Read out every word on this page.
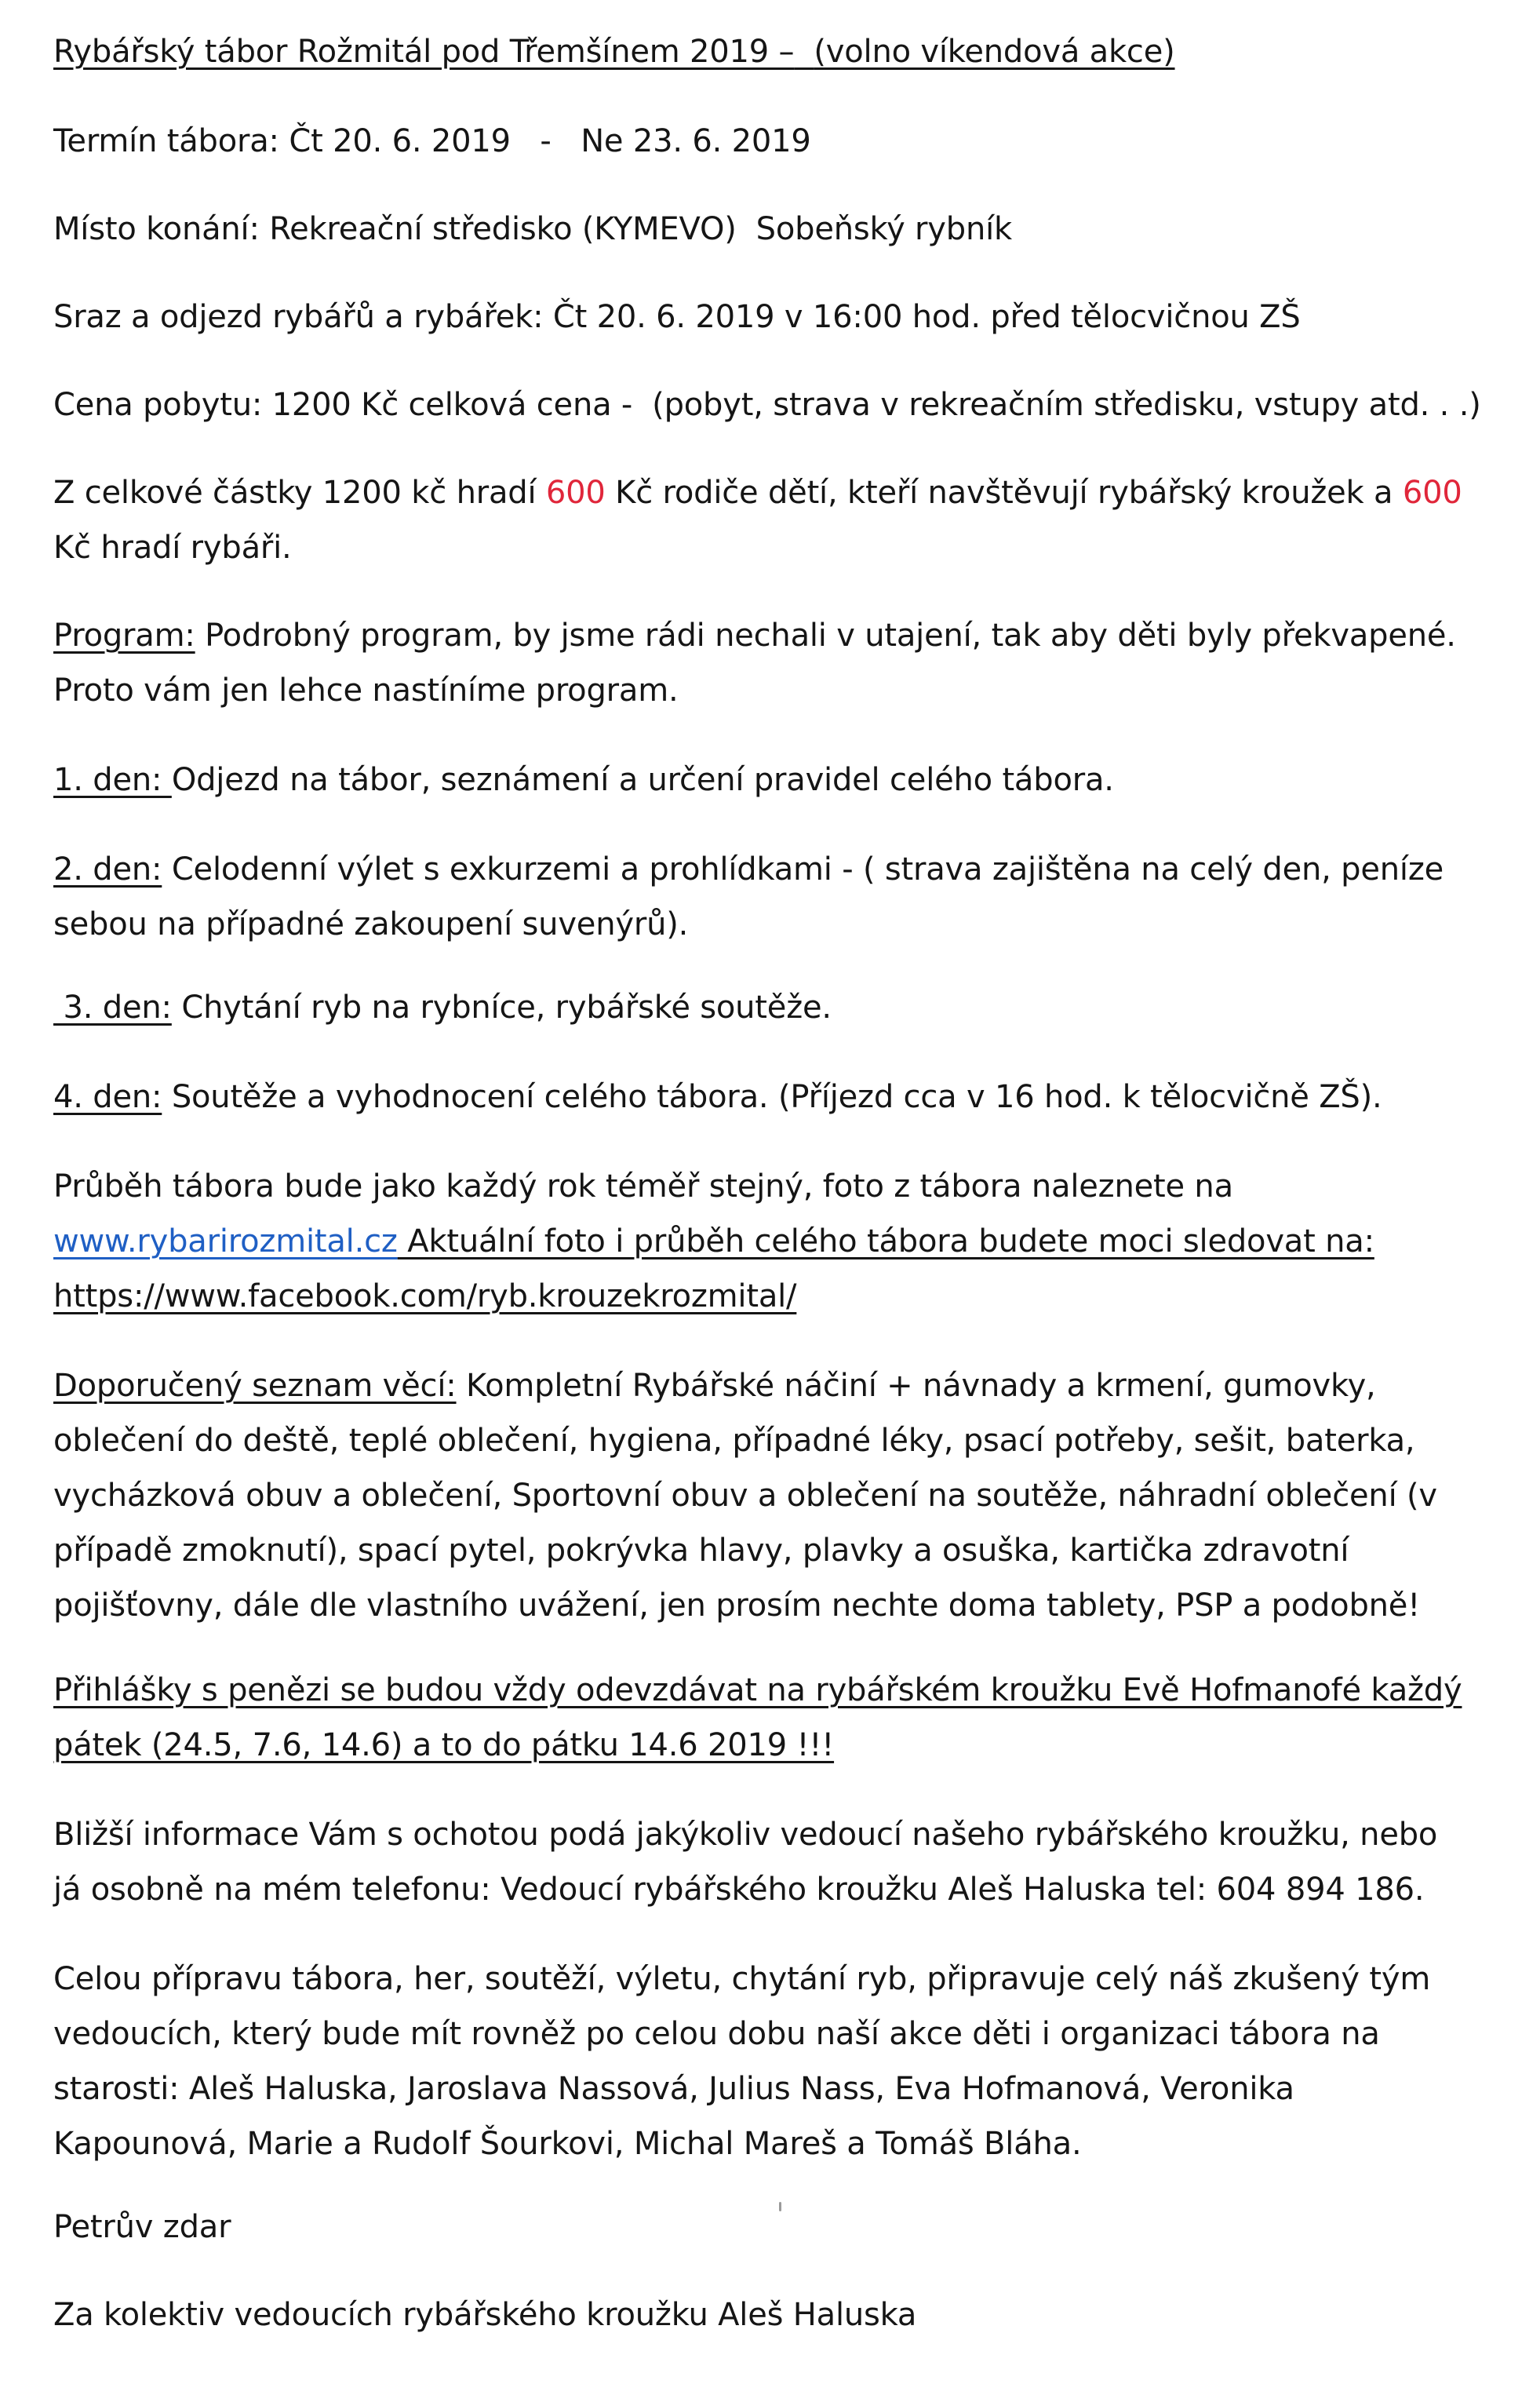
Rybářský tábor Rožmitál pod Třemšínem 2019 – (volno víkendová akce)
Termín tábora: Čt 20. 6. 2019   -   Ne 23. 6. 2019
Místo konání: Rekreační středisko (KYMEVO)  Sobeňský rybník
Sraz a odjezd rybářů a rybářek: Čt 20. 6. 2019 v 16:00 hod. před tělocvičnou ZŠ
Cena pobytu: 1200 Kč celková cena -  (pobyt, strava v rekreačním středisku, vstupy atd. . .)
Z celkové částky 1200 kč hradí 600 Kč rodiče dětí, kteří navštěvují rybářský kroužek a 600
Kč hradí rybáři.
Program: Podrobný program, by jsme rádi nechali v utajení, tak aby děti byly překvapené.
Proto vám jen lehce nastíníme program.
1. den: Odjezd na tábor, seznámení a určení pravidel celého tábora.
2. den: Celodenní výlet s exkurzemi a prohlídkami - ( strava zajištěna na celý den, peníze
sebou na případné zakoupení suvenýrů).
3. den: Chytání ryb na rybníce, rybářské soutěže.
4. den: Soutěže a vyhodnocení celého tábora. (Příjezd cca v 16 hod. k tělocvičně ZŠ).
Průběh tábora bude jako každý rok téměř stejný, foto z tábora naleznete na
www.rybarirozmital.cz Aktuální foto i průběh celého tábora budete moci sledovat na:
https://www.facebook.com/ryb.krouzekrozmital/
Doporučený seznam věcí: Kompletní Rybářské náčiní + návnady a krmení, gumovky,
oblečení do deště, teplé oblečení, hygiena, případné léky, psací potřeby, sešit, baterka,
vycházková obuv a oblečení, Sportovní obuv a oblečení na soutěže, náhradní oblečení (v
případě zmoknutí), spací pytel, pokrývka hlavy, plavky a osuška, kartička zdravotní
pojišťovny, dále dle vlastního uvážení, jen prosím nechte doma tablety, PSP a podobně!
Přihlášky s penězi se budou vždy odevzdávat na rybářském kroužku Evě Hofmanofé každý
pátek (24.5, 7.6, 14.6) a to do pátku 14.6 2019 !!!
Bližší informace Vám s ochotou podá jakýkoliv vedoucí našeho rybářského kroužku, nebo
já osobně na mém telefonu: Vedoucí rybářského kroužku Aleš Haluska tel: 604 894 186.
Celou přípravu tábora, her, soutěží, výletu, chytání ryb, připravuje celý náš zkušený tým
vedoucích, který bude mít rovněž po celou dobu naší akce děti i organizaci tábora na
starosti: Aleš Haluska, Jaroslava Nassová, Julius Nass, Eva Hofmanová, Veronika
Kapounová, Marie a Rudolf Šourkovi, Michal Mareš a Tomáš Bláha.
Petrův zdar
Za kolektiv vedoucích rybářského kroužku Aleš Haluska
